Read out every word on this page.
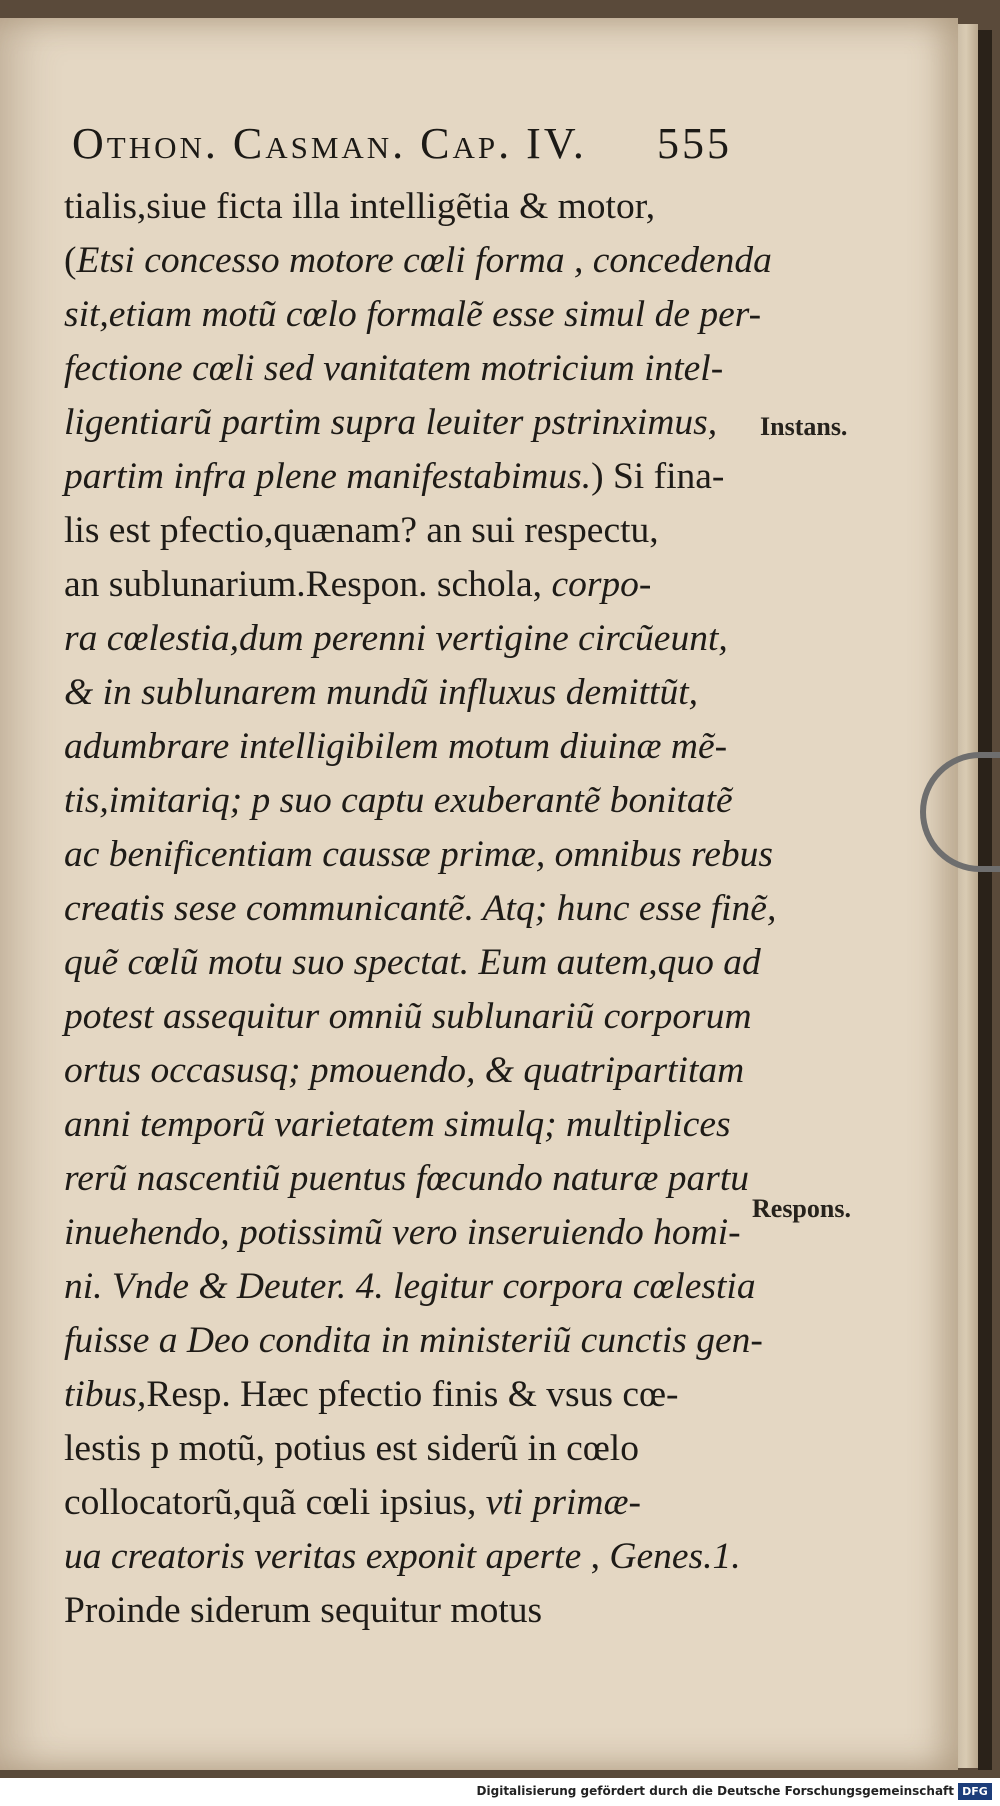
Othon. Casman. Cap. IV. 555
tialis,siue ficta illa intelligẽtia & motor,
(Etsi concesso motore cœli forma , concedenda
sit,etiam motũ cœlo formalẽ esse simul de per-
fectione cœli sed vanitatem motricium intel-
ligentiarũ partim supra leuiter pstrinximus,
partim infra plene manifestabimus.) Si fina-
lis est pfectio,quænam? an sui respectu,
an sublunarium.Respon. schola, corpo-
ra cœlestia,dum perenni vertigine circũeunt,
& in sublunarem mundũ influxus demittũt,
adumbrare intelligibilem motum diuinæ mẽ-
tis,imitariq; p suo captu exuberantẽ bonitatẽ
ac benificentiam caussæ primæ, omnibus rebus
creatis sese communicantẽ. Atq; hunc esse finẽ,
quẽ cœlũ motu suo spectat. Eum autem,quo ad
potest assequitur omniũ sublunariũ corporum
ortus occasusq; pmouendo, & quatripartitam
anni temporũ varietatem simulq; multiplices
rerũ nascentiũ puentus fœcundo naturæ partu
inuehendo, potissimũ vero inseruiendo homi-
ni. Vnde & Deuter. 4. legitur corpora cœlestia
fuisse a Deo condita in ministeriũ cunctis gen-
tibus,Resp. Hæc pfectio finis & vsus cœ-
lestis p motũ, potius est siderũ in cœlo
collocatorũ,quã cœli ipsius, vti primæ-
ua creatoris veritas exponit aperte , Genes.1.
Proinde siderum sequitur motus
Instans.
Respons.
Digitalisierung gefördert durch die Deutsche Forschungsgemeinschaft DFG
